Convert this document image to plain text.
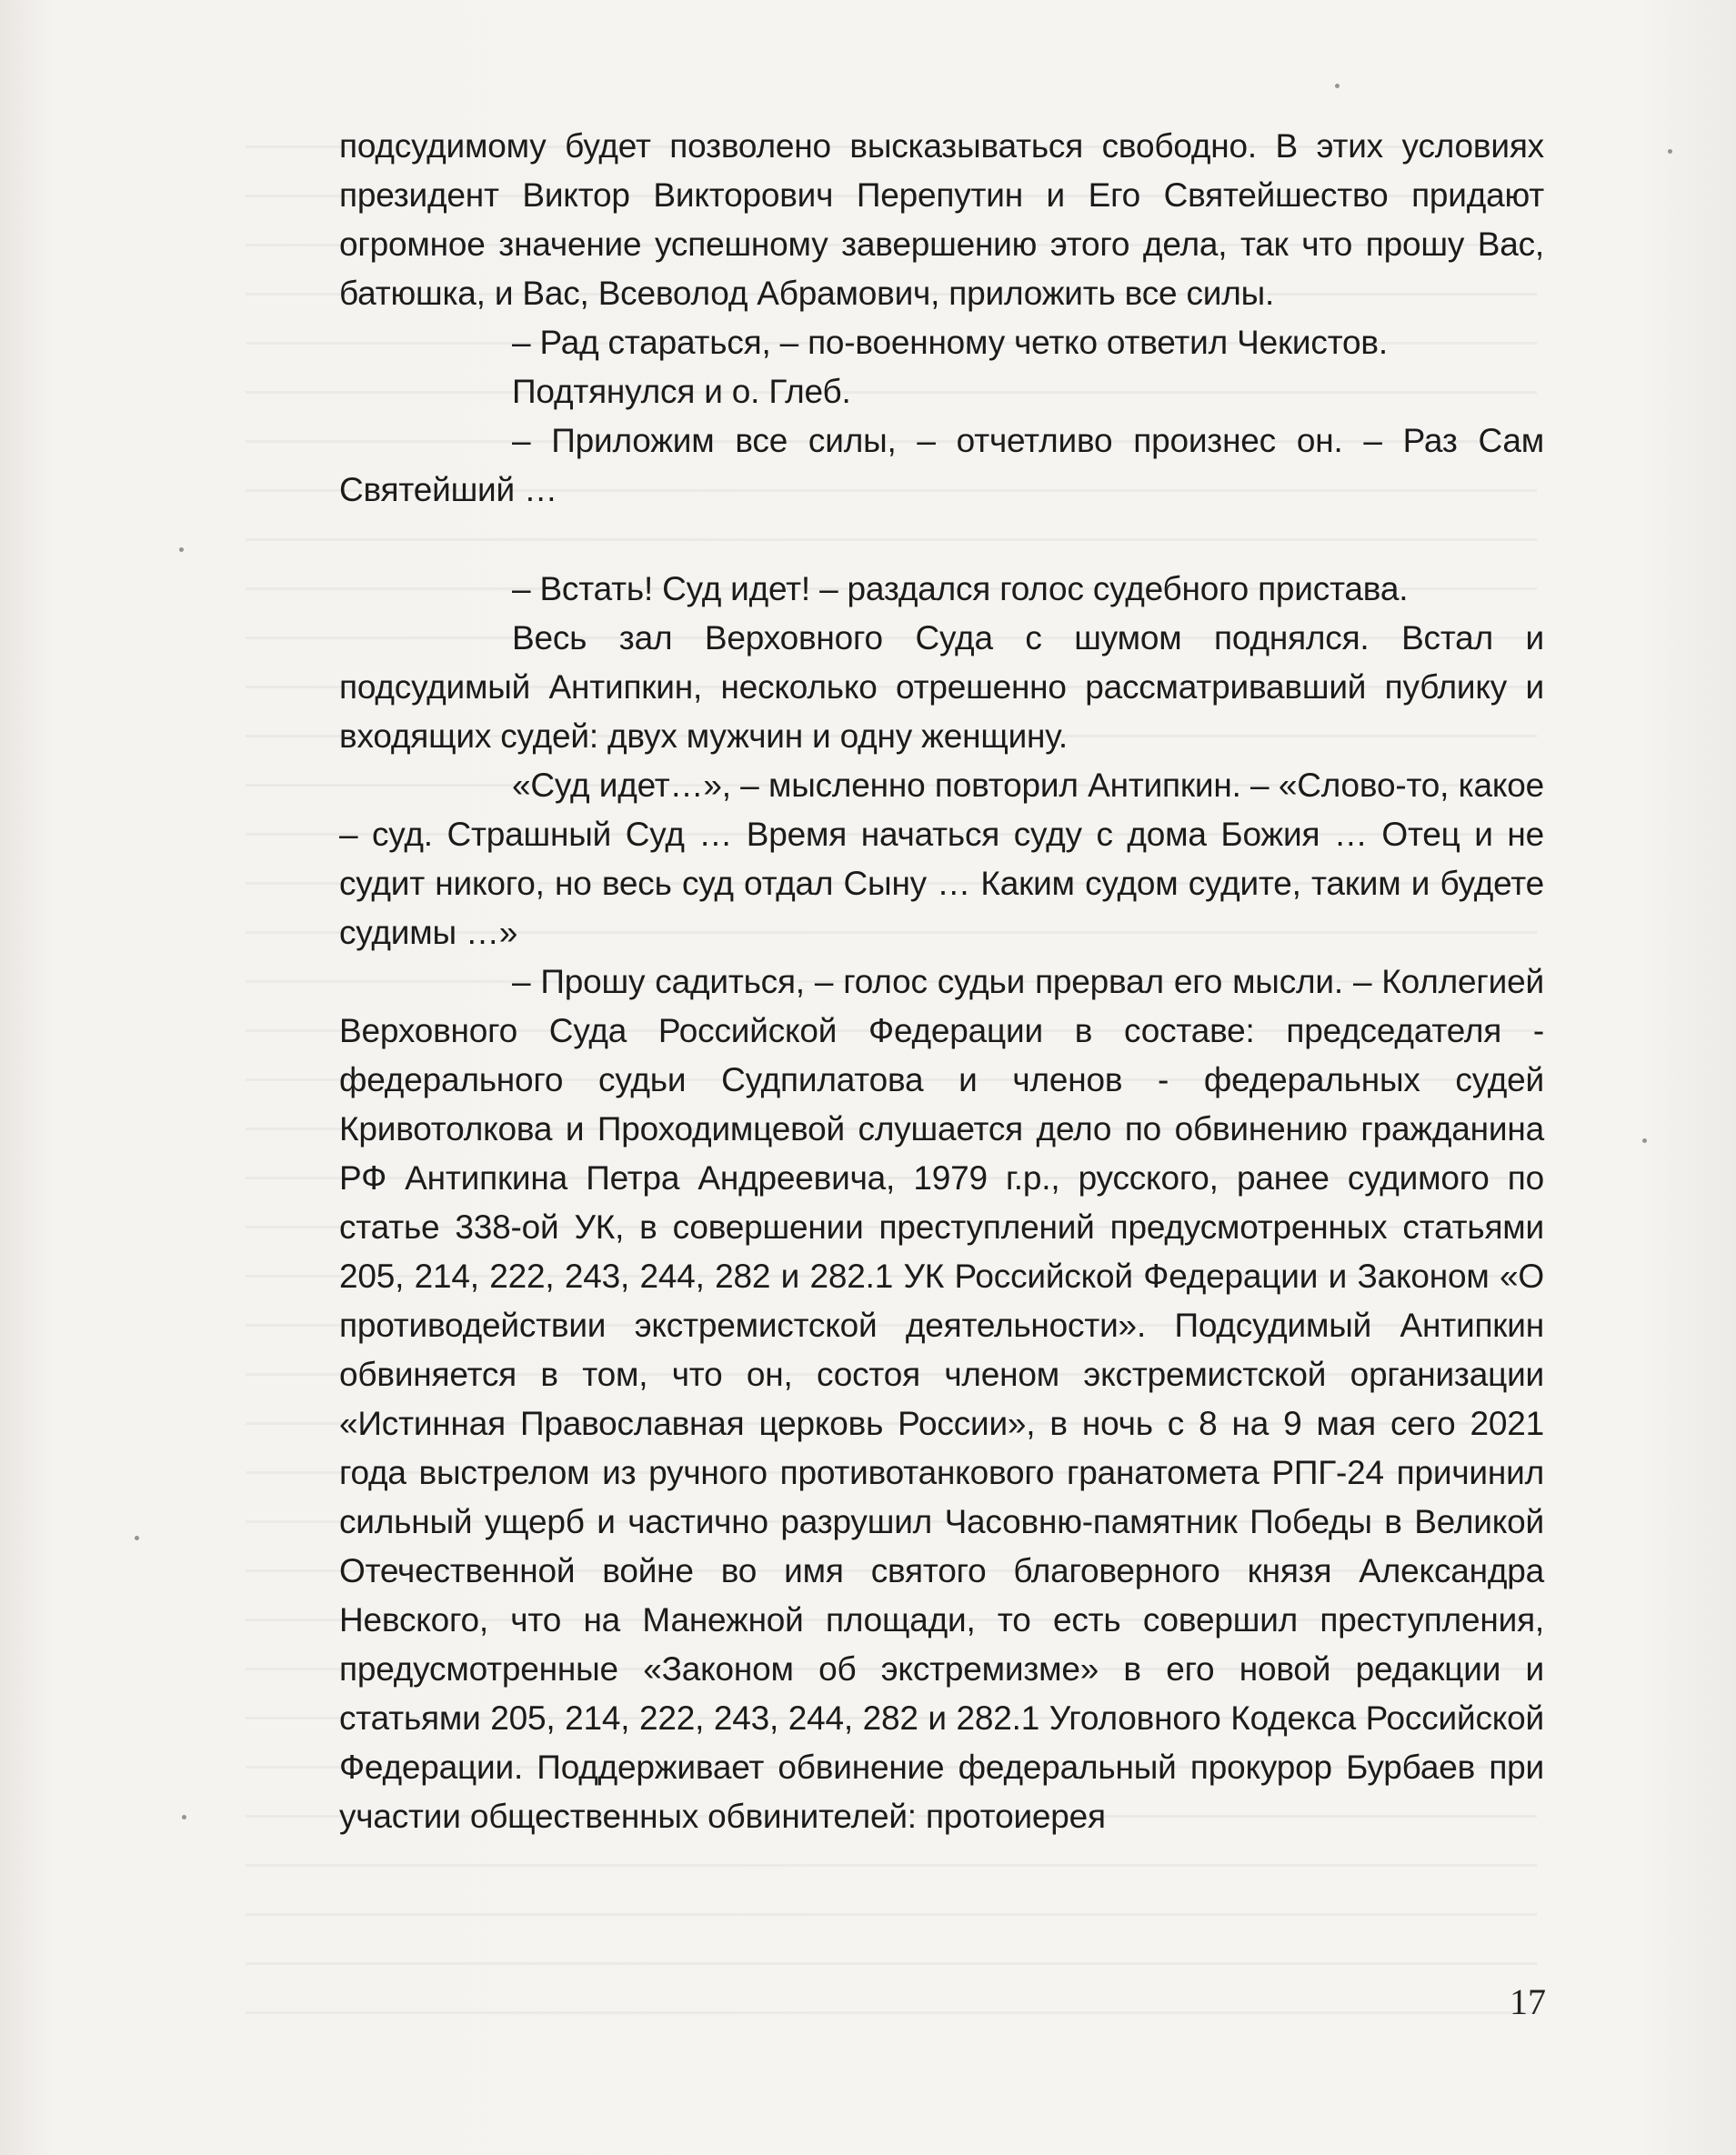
подсудимому будет позволено высказываться свободно. В этих условиях президент Виктор Викторович Перепутин и Его Святейшество придают огромное значение успешному завершению этого дела, так что прошу Вас, батюшка, и Вас, Всеволод Абрамович, приложить все силы.

– Рад стараться, – по-военному четко ответил Чекистов.

Подтянулся и о. Глеб.

– Приложим все силы, – отчетливо произнес он. – Раз Сам Святейший …

– Встать! Суд идет! – раздался голос судебного пристава.

Весь зал Верховного Суда с шумом поднялся. Встал и подсудимый Антипкин, несколько отрешенно рассматривавший публику и входящих судей: двух мужчин и одну женщину.

«Суд идет…», – мысленно повторил Антипкин. – «Слово-то, какое – суд. Страшный Суд … Время начаться суду с дома Божия … Отец и не судит никого, но весь суд отдал Сыну … Каким судом судите, таким и будете судимы …»

– Прошу садиться, – голос судьи прервал его мысли. – Коллегией Верховного Суда Российской Федерации в составе: председателя - федерального судьи Судпилатова и членов - федеральных судей Кривотолкова и Проходимцевой слушается дело по обвинению гражданина РФ Антипкина Петра Андреевича, 1979 г.р., русского, ранее судимого по статье 338-ой УК, в совершении преступлений предусмотренных статьями 205, 214, 222, 243, 244, 282 и 282.1 УК Российской Федерации и Законом «О противодействии экстремистской деятельности». Подсудимый Антипкин обвиняется в том, что он, состоя членом экстремистской организации «Истинная Православная церковь России», в ночь с 8 на 9 мая сего 2021 года выстрелом из ручного противотанкового гранатомета РПГ-24 причинил сильный ущерб и частично разрушил Часовню-памятник Победы в Великой Отечественной войне во имя святого благоверного князя Александра Невского, что на Манежной площади, то есть совершил преступления, предусмотренные «Законом об экстремизме» в его новой редакции и статьями 205, 214, 222, 243, 244, 282 и 282.1 Уголовного Кодекса Российской Федерации. Поддерживает обвинение федеральный прокурор Бурбаев при участии общественных обвинителей: протоиерея

17
